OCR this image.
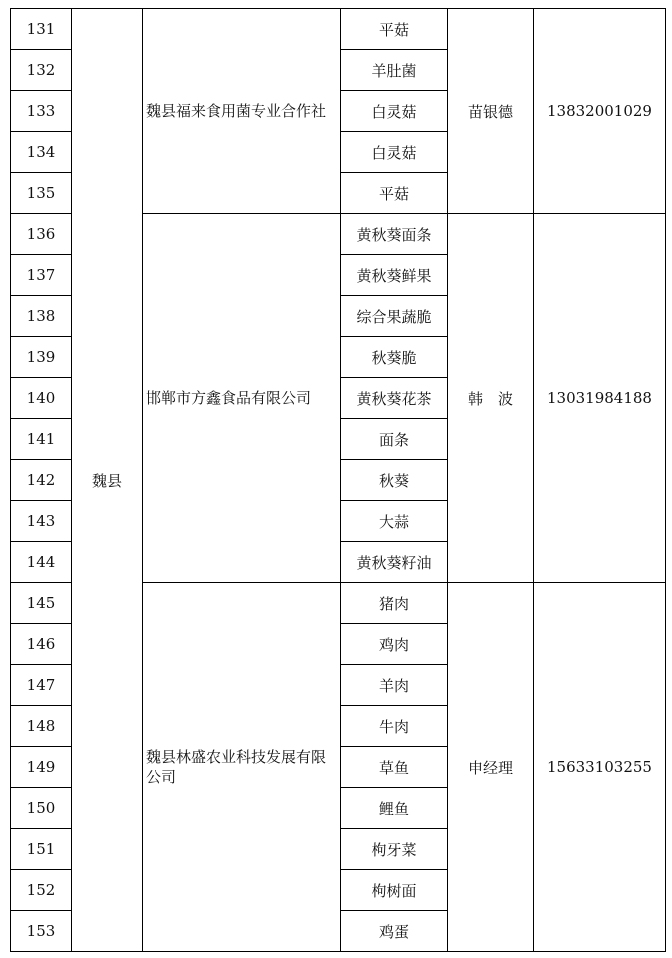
131	魏县	魏县福来食用菌专业合作社	平菇	苗银德	13832001029
132			羊肚菌		
133			白灵菇		
134			白灵菇		
135			平菇		
136		邯郸市方鑫食品有限公司	黄秋葵面条	韩　波	13031984188
137			黄秋葵鲜果		
138			综合果蔬脆		
139			秋葵脆		
140			黄秋葵花茶		
141			面条		
142			秋葵		
143			大蒜		
144			黄秋葵籽油		
145		魏县林盛农业科技发展有限公司	猪肉	申经理	15633103255
146			鸡肉		
147			羊肉		
148			牛肉		
149			草鱼		
150			鲤鱼		
151			枸牙菜		
152			枸树面		
153			鸡蛋		
